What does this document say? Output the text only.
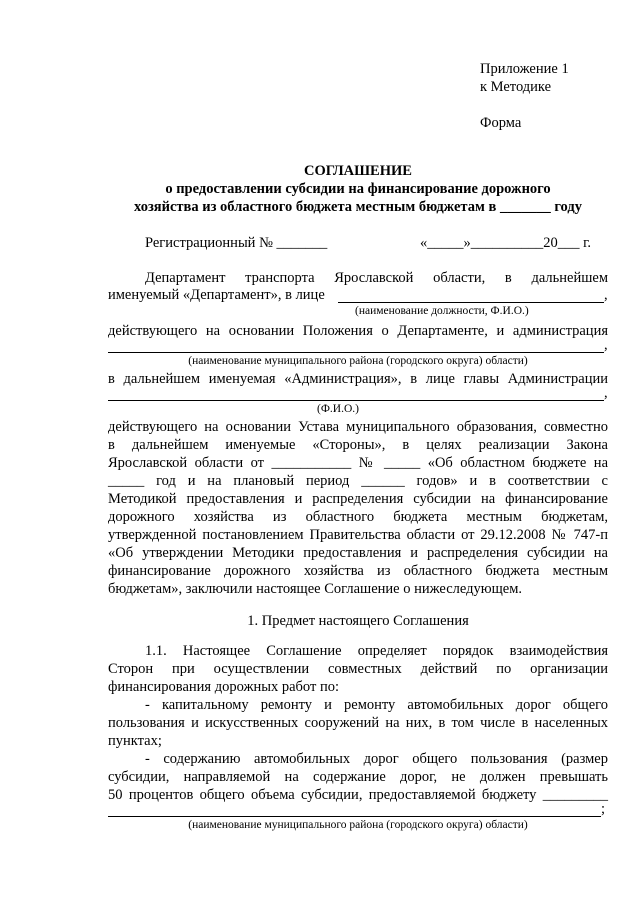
Приложение 1
к Методике
Форма
СОГЛАШЕНИЕ
о предоставлении субсидии на финансирование дорожного
хозяйства из областного бюджета местным бюджетам в _______ году
Регистрационный № _______	«_____»__________20___ г.
Департамент транспорта Ярославской области, в дальнейшем
именуемый «Департамент», в лице	,
(наименование должности, Ф.И.О.)
действующего на основании Положения о Департаменте, и администрация
,
(наименование муниципального района (городского округа) области)
в дальнейшем именуемая «Администрация», в лице главы Администрации
,
(Ф.И.О.)
действующего на основании Устава муниципального образования, совместно
в дальнейшем именуемые «Стороны», в целях реализации Закона
Ярославской области от ___________ № _____ «Об областном бюджете на
_____ год и на плановый период ______ годов» и в соответствии с
Методикой предоставления и распределения субсидии на финансирование
дорожного хозяйства из областного бюджета местным бюджетам,
утвержденной постановлением Правительства области от 29.12.2008 № 747-п
«Об утверждении Методики предоставления и распределения субсидии на
финансирование дорожного хозяйства из областного бюджета местным
бюджетам», заключили настоящее Соглашение о нижеследующем.
1. Предмет настоящего Соглашения
1.1. Настоящее Соглашение определяет порядок взаимодействия
Сторон при осуществлении совместных действий по организации
финансирования дорожных работ по:
- капитальному ремонту и ремонту автомобильных дорог общего
пользования и искусственных сооружений на них, в том числе в населенных
пунктах;
- содержанию автомобильных дорог общего пользования (размер
субсидии, направляемой на содержание дорог, не должен превышать
50 процентов общего объема субсидии, предоставляемой бюджету _________
;
(наименование муниципального района (городского округа) области)
